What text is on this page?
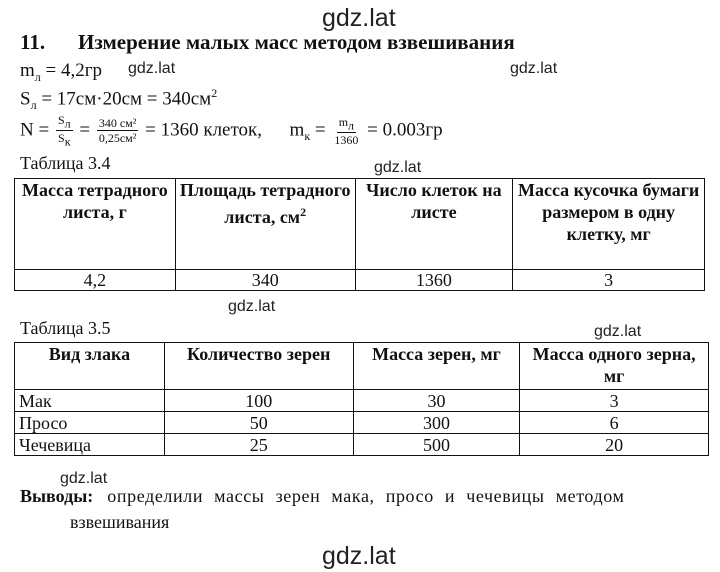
gdz.lat
gdz.lat	gdz.lat
gdz.lat
gdz.lat
gdz.lat
gdz.lat
gdz.lat
11. Измерение малых масс методом взвешивания
$m_л = 4,2гр$
$S_л = 17см\cdot 20см = 340см^2$
$N = \frac{S_л}{S_к} = \frac{\text{340 см²}}{\text{0,25см²}} = 1360$ клеток, $m_к = \frac{m_л}{1360} = 0.003гр$
Таблица 3.4
Масса тетрадного листа, г	Площадь тетрадного листа, $см^2$	Число клеток на листе	Масса кусочка бумаги размером в одну клетку, мг
4,2	340	1360	3
Таблица 3.5
Вид злака	Количество зерен	Масса зерен, мг	Масса одного зерна, мг
Мак	100	30	3
Просо	50	300	6
Чечевица	25	500	20
Выводы: определили массы зерен мака, просо и чечевицы методом
взвешивания
